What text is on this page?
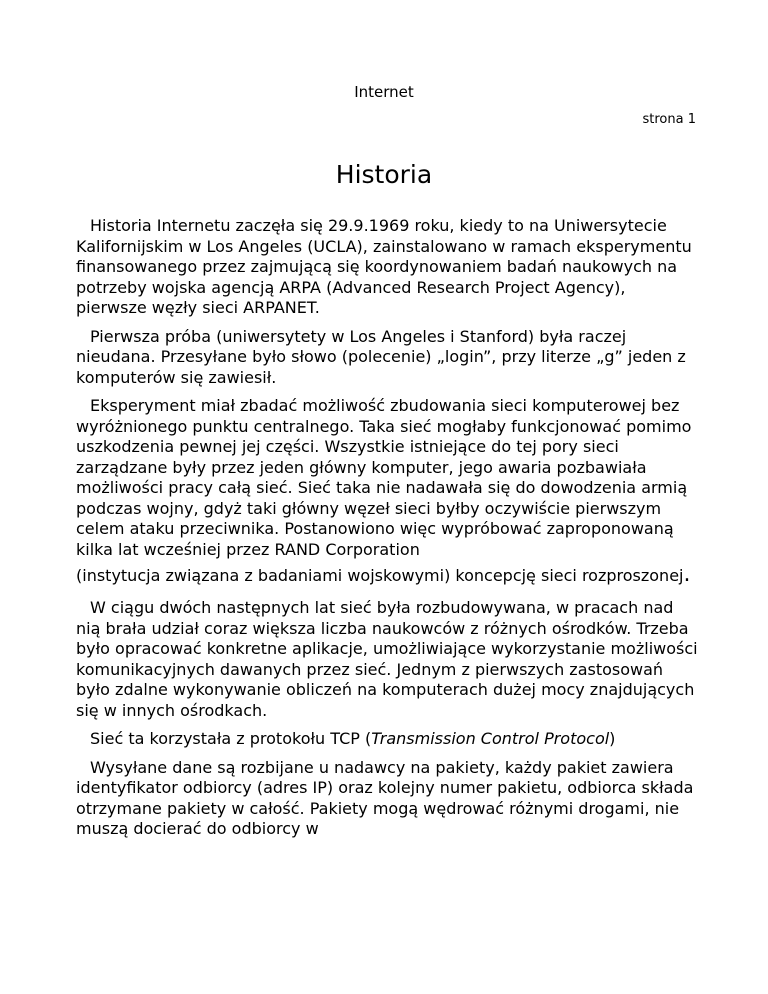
Internet
strona 1
Historia

Historia Internetu zaczęła się 29.9.1969 roku, kiedy to na Uniwersytecie Kalifornijskim w Los Angeles (UCLA), zainstalowano w ramach eksperymentu finansowanego przez zajmującą się koordynowaniem badań naukowych na potrzeby wojska agencją ARPA (Advanced Research Project Agency), pierwsze węzły sieci ARPANET.

Pierwsza próba (uniwersytety w Los Angeles i Stanford) była raczej nieudana. Przesyłane było słowo (polecenie) „login”, przy literze „g” jeden z komputerów się zawiesił.

Eksperyment miał zbadać możliwość zbudowania sieci komputerowej bez wyróżnionego punktu centralnego. Taka sieć mogłaby funkcjonować pomimo uszkodzenia pewnej jej części. Wszystkie istniejące do tej pory sieci zarządzane były przez jeden główny komputer, jego awaria pozbawiała możliwości pracy całą sieć. Sieć taka nie nadawała się do dowodzenia armią podczas wojny, gdyż taki główny węzeł sieci byłby oczywiście pierwszym celem ataku przeciwnika. Postanowiono więc wypróbować zaproponowaną kilka lat wcześniej przez RAND Corporation

(instytucja związana z badaniami wojskowymi) koncepcję sieci rozproszonej.

W ciągu dwóch następnych lat sieć była rozbudowywana, w pracach nad nią brała udział coraz większa liczba naukowców z różnych ośrodków. Trzeba było opracować konkretne aplikacje, umożliwiające wykorzystanie możliwości komunikacyjnych dawanych przez sieć. Jednym z pierwszych zastosowań było zdalne wykonywanie obliczeń na komputerach dużej mocy znajdujących się w innych ośrodkach.

Sieć ta korzystała z protokołu TCP (Transmission Control Protocol)

Wysyłane dane są rozbijane u nadawcy na pakiety, każdy pakiet zawiera identyfikator odbiorcy (adres IP) oraz kolejny numer pakietu, odbiorca składa otrzymane pakiety w całość. Pakiety mogą wędrować różnymi drogami, nie muszą docierać do odbiorcy w
